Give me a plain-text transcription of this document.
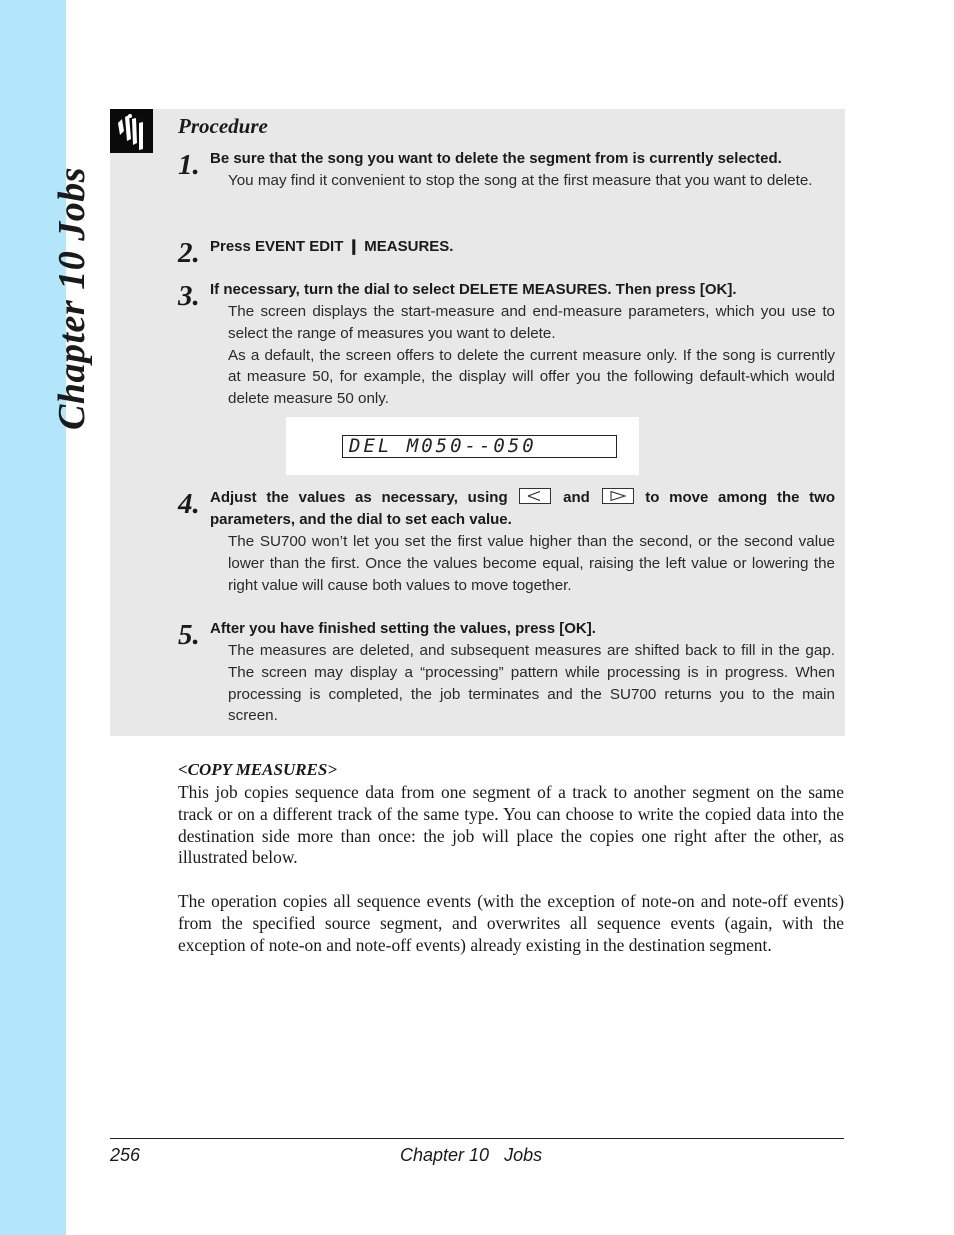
Chapter 10 Jobs
Procedure
1. Be sure that the song you want to delete the segment from is currently selected.

You may find it convenient to stop the song at the first measure that you want to delete.

2. Press EVENT EDIT ❙ MEASURES.
3. If necessary, turn the dial to select DELETE MEASURES. Then press [OK].

The screen displays the start-measure and end-measure parameters, which you use to select the range of measures you want to delete.

As a default, the screen offers to delete the current measure only. If the song is currently at measure 50, for example, the display will offer you the following default-which would delete measure 50 only.

DEL M050--050
4. Adjust the values as necessary, using	and	to move among the two parameters, and the dial to set each value.

The SU700 won’t let you set the first value higher than the second, or the second value lower than the first. Once the values become equal, raising the left value or lowering the right value will cause both values to move together.

5. After you have finished setting the values, press [OK].

The measures are deleted, and subsequent measures are shifted back to fill in the gap. The screen may display a “processing” pattern while processing is in progress. When processing is completed, the job terminates and the SU700 returns you to the main screen.

<COPY MEASURES>
This job copies sequence data from one segment of a track to another segment on the same track or on a different track of the same type. You can choose to write the copied data into the destination side more than once: the job will place the copies one right after the other, as illustrated below.
The operation copies all sequence events (with the exception of note-on and note-off events) from the specified source segment, and overwrites all sequence events (again, with the exception of note-on and note-off events) already existing in the destination segment.
256	Chapter 10   Jobs
